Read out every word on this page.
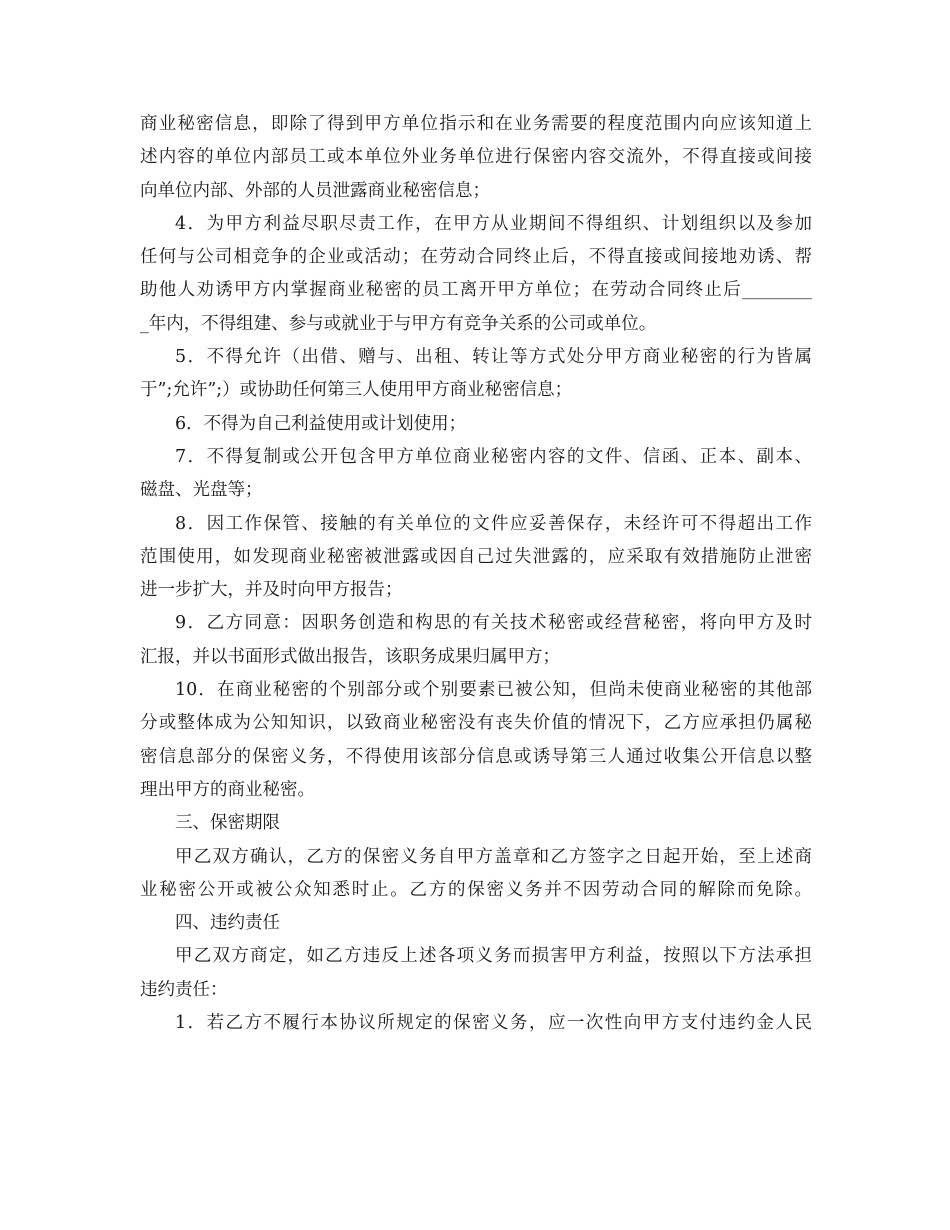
商业秘密信息，即除了得到甲方单位指示和在业务需要的程度范围内向应该知道上
述内容的单位内部员工或本单位外业务单位进行保密内容交流外，不得直接或间接
向单位内部、外部的人员泄露商业秘密信息；
4．为甲方利益尽职尽责工作，在甲方从业期间不得组织、计划组织以及参加
任何与公司相竞争的企业或活动；在劳动合同终止后，不得直接或间接地劝诱、帮
助他人劝诱甲方内掌握商业秘密的员工离开甲方单位；在劳动合同终止后________
_年内，不得组建、参与或就业于与甲方有竞争关系的公司或单位。
5．不得允许（出借、赠与、出租、转让等方式处分甲方商业秘密的行为皆属
于”;允许”;）或协助任何第三人使用甲方商业秘密信息；
6．不得为自己利益使用或计划使用；
7．不得复制或公开包含甲方单位商业秘密内容的文件、信函、正本、副本、
磁盘、光盘等；
8．因工作保管、接触的有关单位的文件应妥善保存，未经许可不得超出工作
范围使用，如发现商业秘密被泄露或因自己过失泄露的，应采取有效措施防止泄密
进一步扩大，并及时向甲方报告；
9．乙方同意：因职务创造和构思的有关技术秘密或经营秘密，将向甲方及时
汇报，并以书面形式做出报告，该职务成果归属甲方；
10．在商业秘密的个别部分或个别要素已被公知，但尚未使商业秘密的其他部
分或整体成为公知知识，以致商业秘密没有丧失价值的情况下，乙方应承担仍属秘
密信息部分的保密义务，不得使用该部分信息或诱导第三人通过收集公开信息以整
理出甲方的商业秘密。
三、保密期限
甲乙双方确认，乙方的保密义务自甲方盖章和乙方签字之日起开始，至上述商
业秘密公开或被公众知悉时止。乙方的保密义务并不因劳动合同的解除而免除。
四、违约责任
甲乙双方商定，如乙方违反上述各项义务而损害甲方利益，按照以下方法承担
违约责任：
1．若乙方不履行本协议所规定的保密义务，应一次性向甲方支付违约金人民
